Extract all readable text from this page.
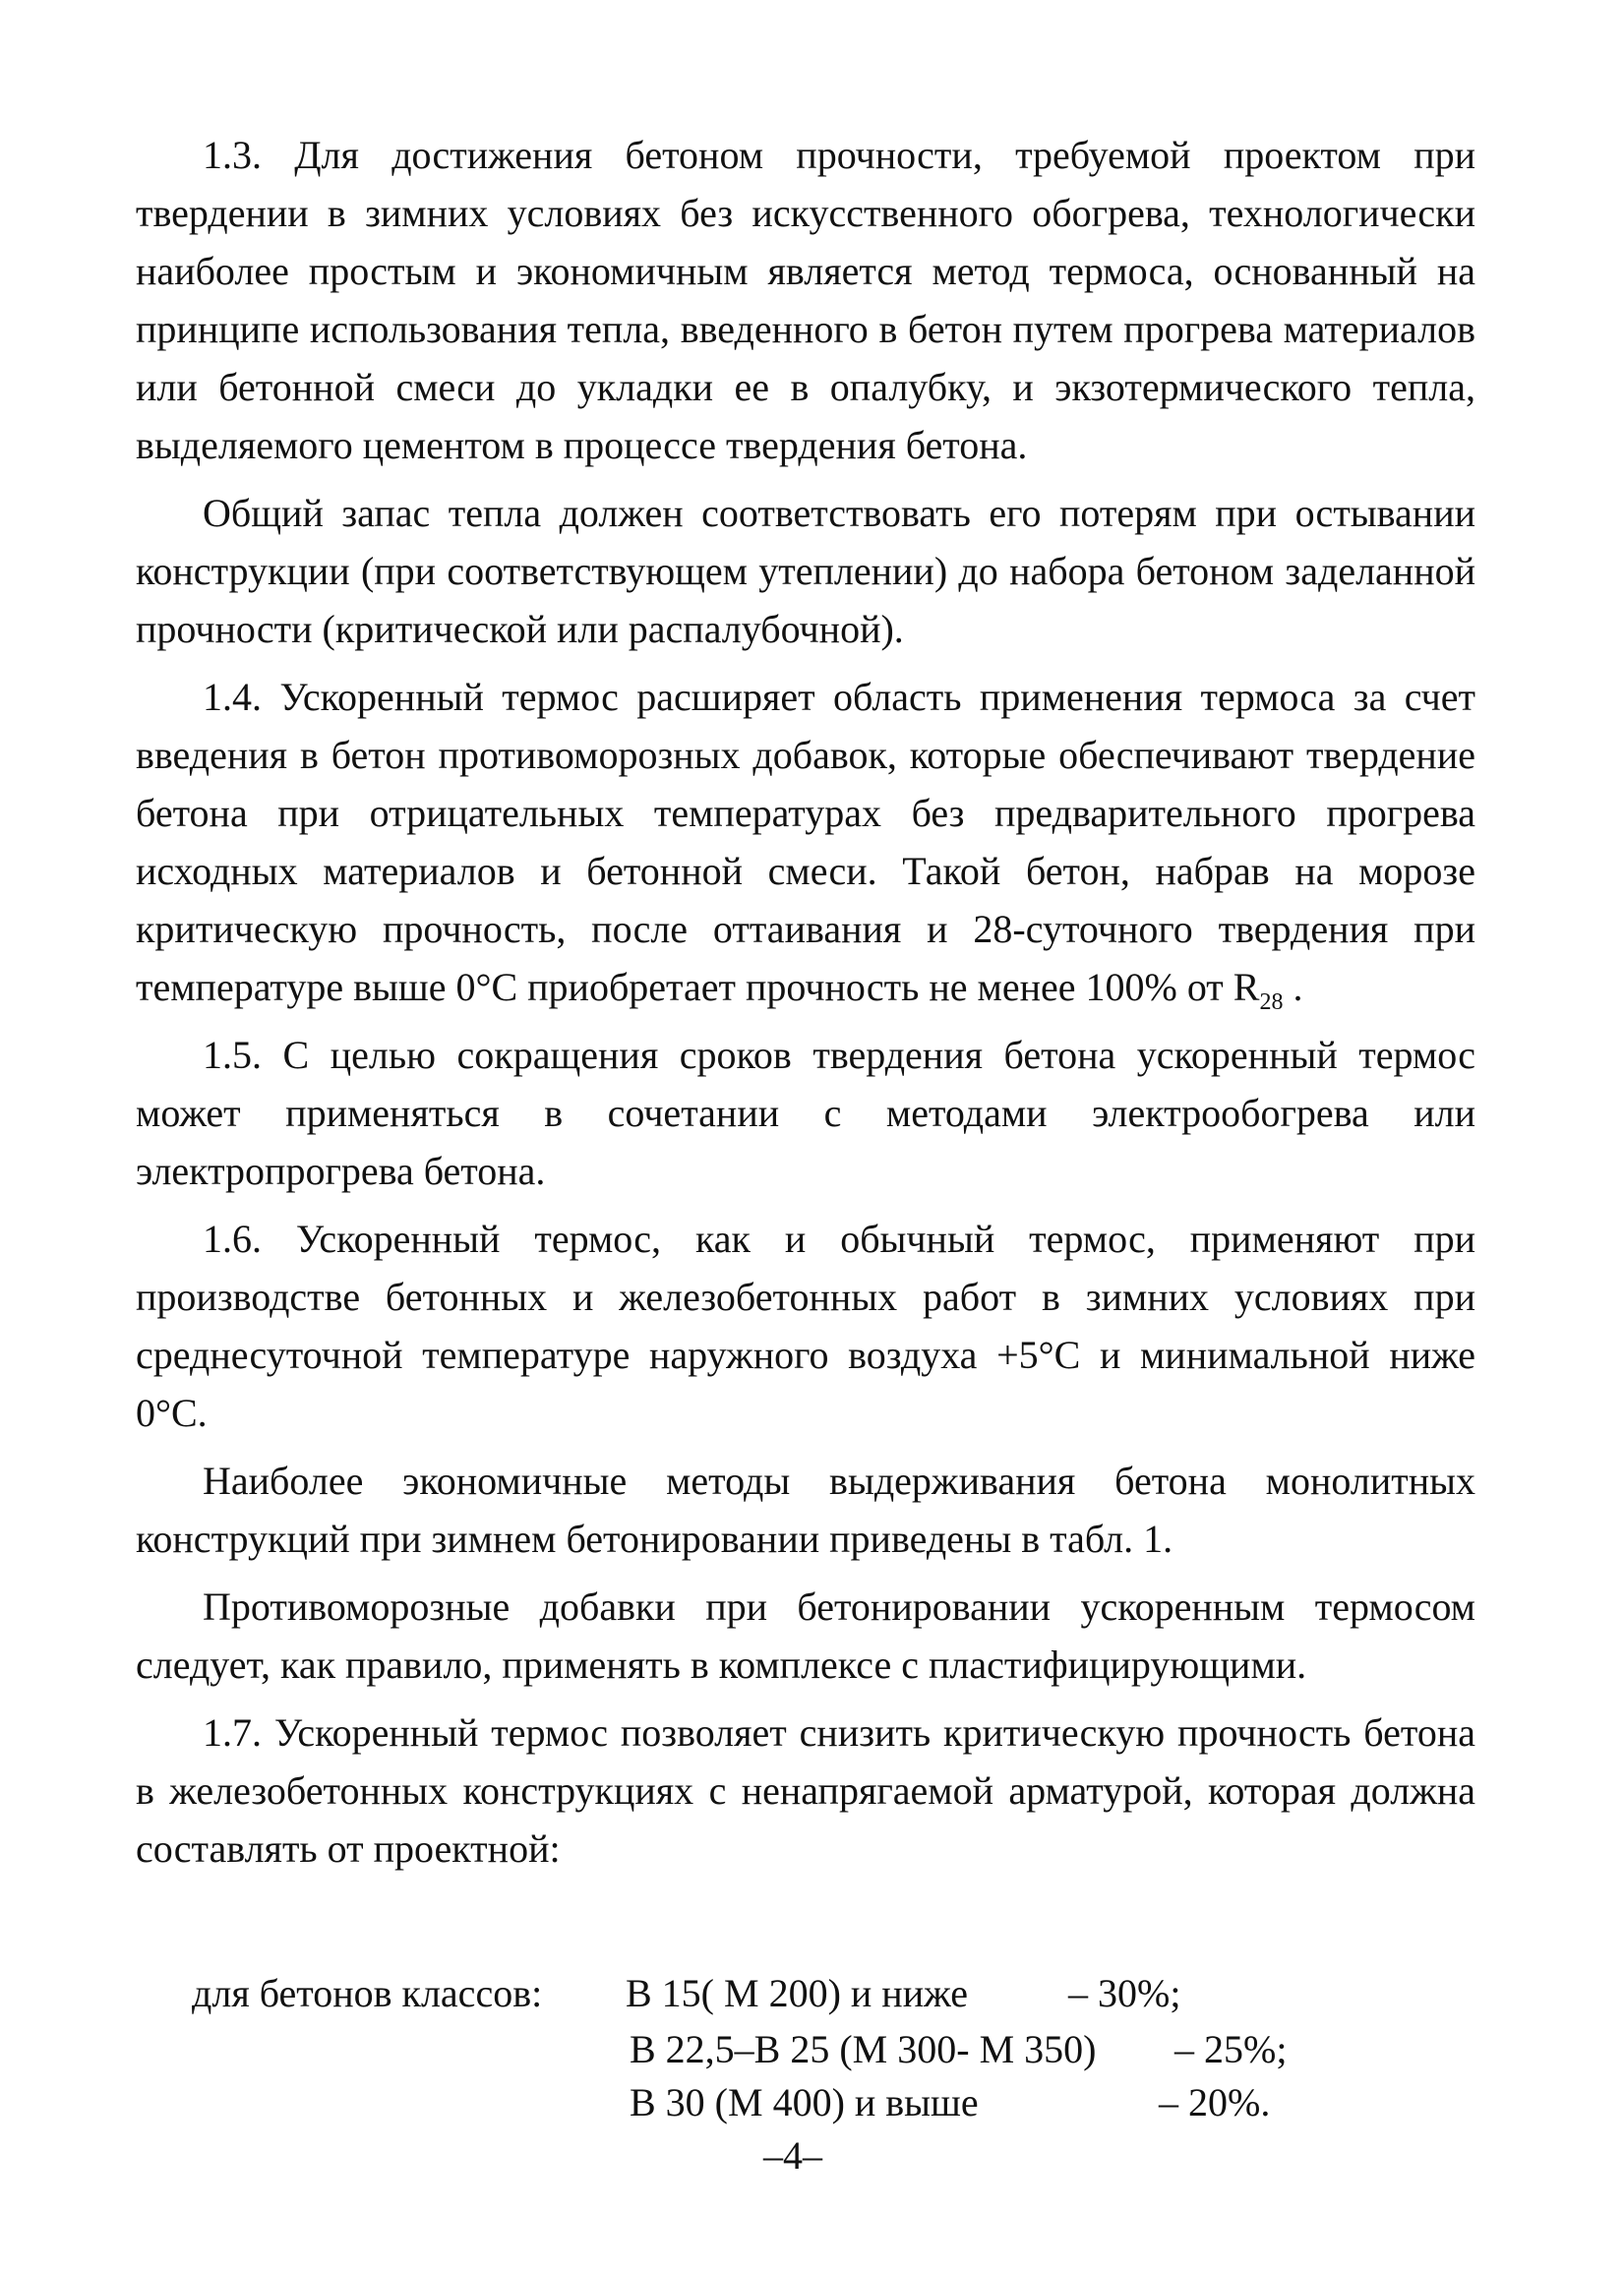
1.3. Для достижения бетоном прочности, требуемой проектом при твердении в зимних условиях без искусственного обогрева, технологически наиболее простым и экономичным является метод термоса, основанный на принципе использования тепла, введенного в бетон путем прогрева материалов или бетонной смеси до укладки ее в опалубку, и экзотермического тепла, выделяемого цементом в процессе твердения бетона.

Общий запас тепла должен соответствовать его потерям при остывании конструкции (при соответствующем утеплении) до набора бетоном заделанной прочности (критической или распалубочной).

1.4. Ускоренный термос расширяет область применения термоса за счет введения в бетон противоморозных добавок, которые обеспечивают твердение бетона при отрицательных температурах без предварительного прогрева исходных материалов и бетонной смеси. Такой бетон, набрав на морозе критическую прочность, после оттаивания и 28-суточного твердения при температуре выше 0°С приобретает прочность не менее 100% от $R_{28}$ .

1.5. С целью сокращения сроков твердения бетона ускоренный термос может применяться в сочетании с методами электрообогрева или электропрогрева бетона.

1.6. Ускоренный термос, как и обычный термос, применяют при производстве бетонных и железобетонных работ в зимних условиях при среднесуточной температуре наружного воздуха +5°С и минимальной ниже 0°С.

Наиболее экономичные методы выдерживания бетона монолитных конструкций при зимнем бетонировании приведены в табл. 1.

Противоморозные добавки при бетонировании ускоренным термосом следует, как правило, применять в комплексе с пластифицирующими.

1.7. Ускоренный термос позволяет снизить критическую прочность бетона в железобетонных конструкциях с ненапрягаемой арматурой, которая должна составлять от проектной:

для бетонов классов: В 15( М 200) и ниже	– 30%;
В 22,5–В 25 (М 300- М 350) – 25%;
В 30 (М 400) и выше	– 20%.
–4–
